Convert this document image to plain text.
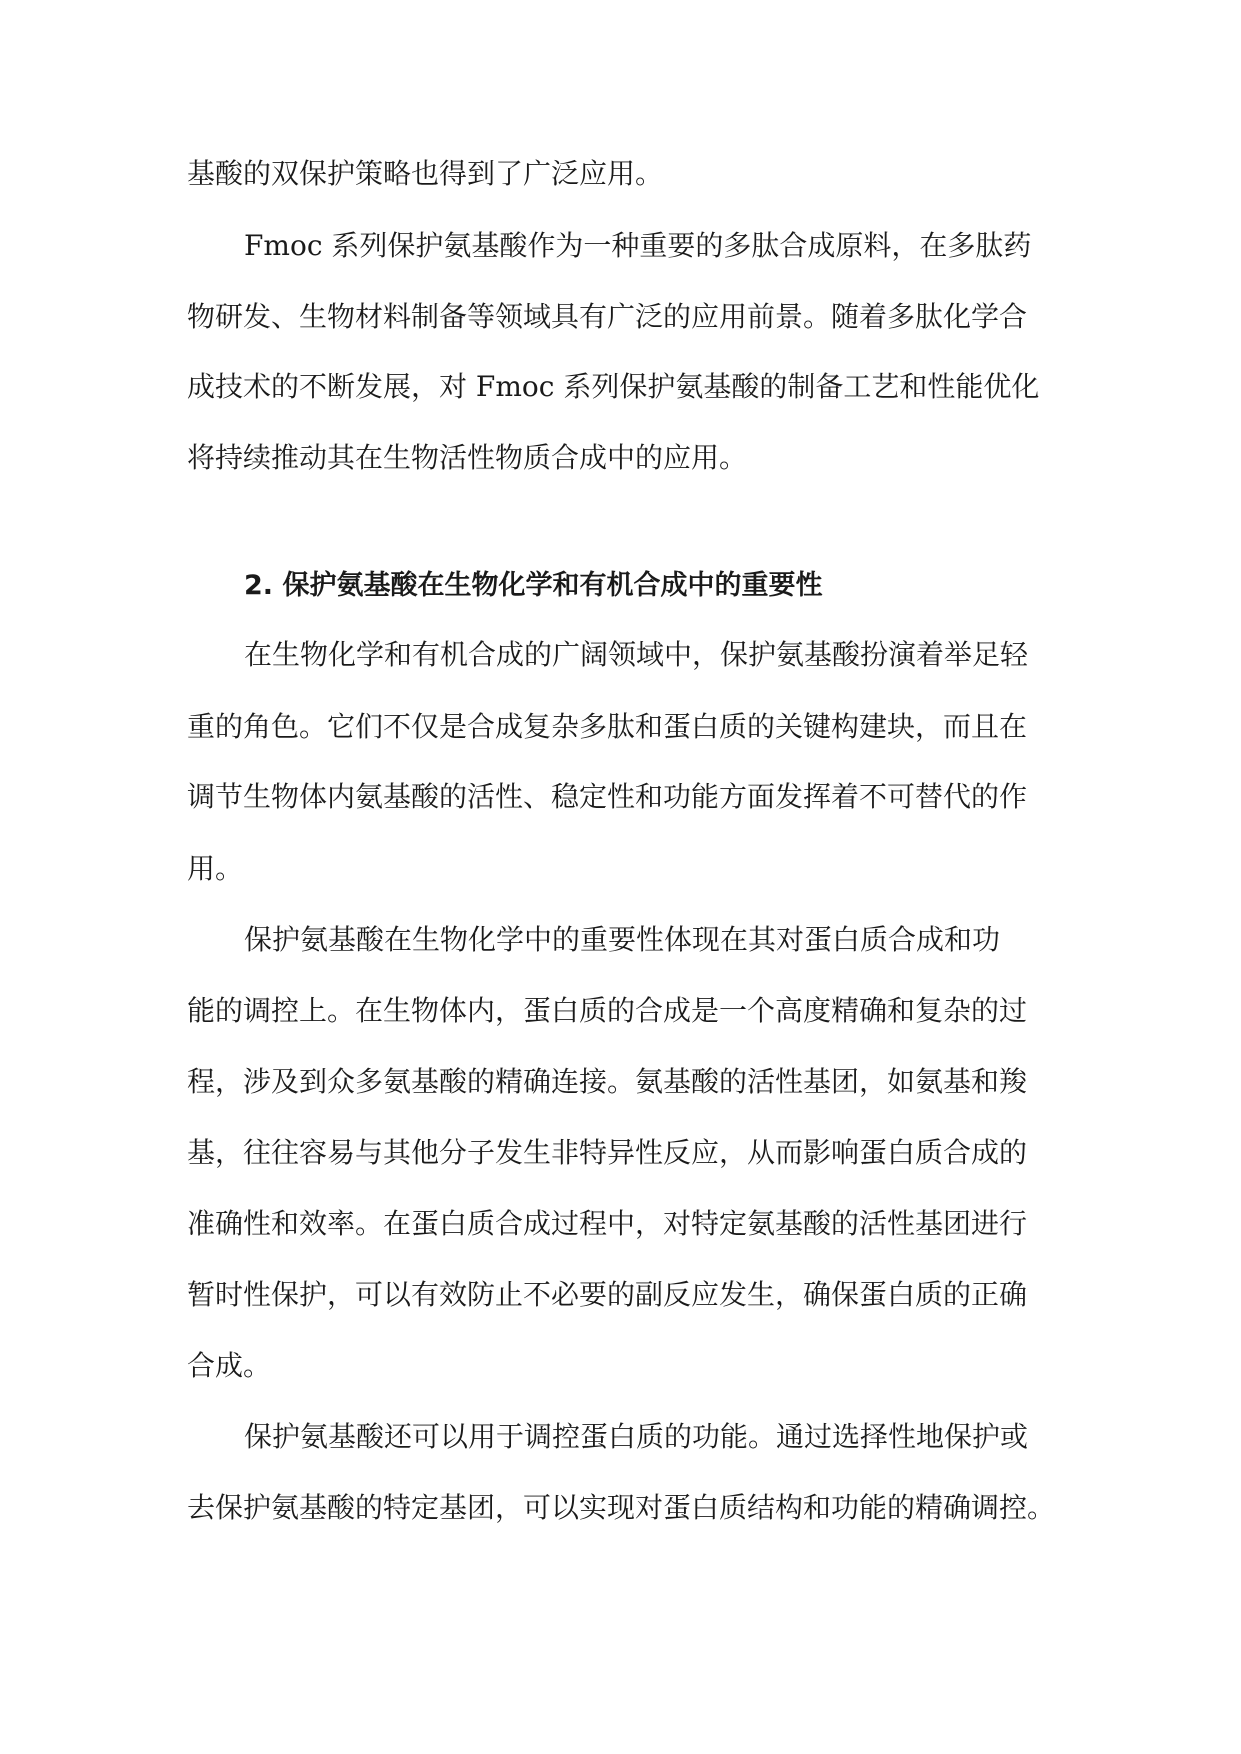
基酸的双保护策略也得到了广泛应用。
Fmoc 系列保护氨基酸作为一种重要的多肽合成原料，在多肽药
物研发、生物材料制备等领域具有广泛的应用前景。随着多肽化学合
成技术的不断发展，对 Fmoc 系列保护氨基酸的制备工艺和性能优化
将持续推动其在生物活性物质合成中的应用。
2. 保护氨基酸在生物化学和有机合成中的重要性
在生物化学和有机合成的广阔领域中，保护氨基酸扮演着举足轻
重的角色。它们不仅是合成复杂多肽和蛋白质的关键构建块，而且在
调节生物体内氨基酸的活性、稳定性和功能方面发挥着不可替代的作
用。
保护氨基酸在生物化学中的重要性体现在其对蛋白质合成和功
能的调控上。在生物体内，蛋白质的合成是一个高度精确和复杂的过
程，涉及到众多氨基酸的精确连接。氨基酸的活性基团，如氨基和羧
基，往往容易与其他分子发生非特异性反应，从而影响蛋白质合成的
准确性和效率。在蛋白质合成过程中，对特定氨基酸的活性基团进行
暂时性保护，可以有效防止不必要的副反应发生，确保蛋白质的正确
合成。
保护氨基酸还可以用于调控蛋白质的功能。通过选择性地保护或
去保护氨基酸的特定基团，可以实现对蛋白质结构和功能的精确调控。
